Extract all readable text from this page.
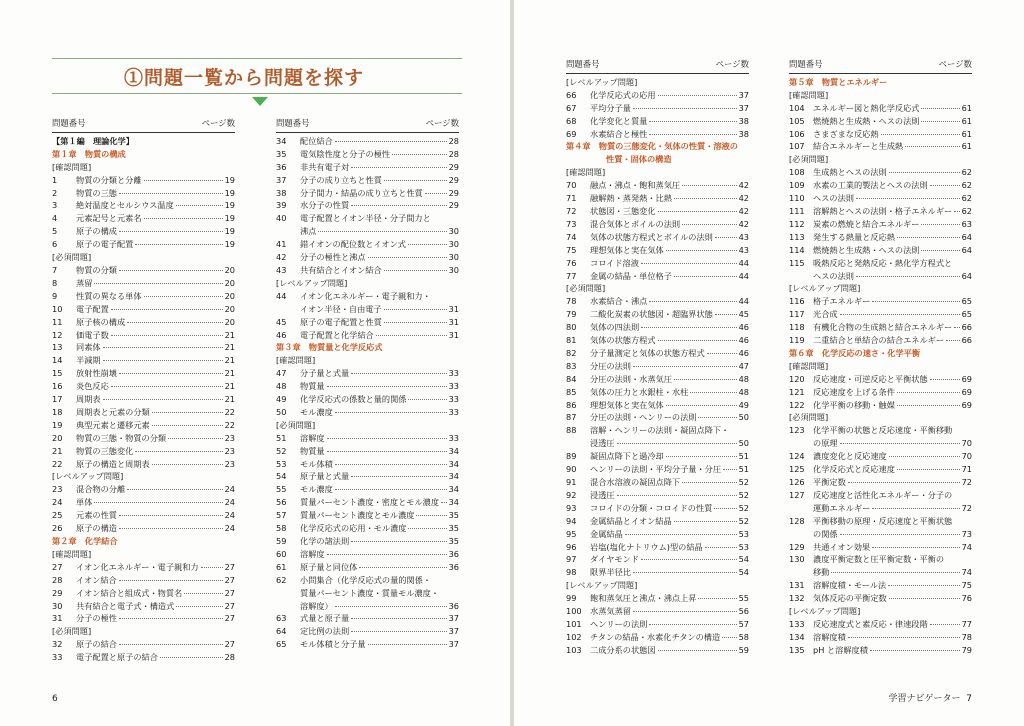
①問題一覧から問題を探す
問題番号	ページ数
【第１編　理論化学】
第１章　物質の構成
[確認問題]
1	物質の分類と分離	19
2	物質の三態	19
3	絶対温度とセルシウス温度	19
4	元素記号と元素名	19
5	原子の構成	19
6	原子の電子配置	19
[必須問題]
7	物質の分類	20
8	蒸留	20
9	性質の異なる単体	20
10	電子配置	20
11	原子核の構成	20
12	価電子数	21
13	同素体	21
14	半減期	21
15	放射性崩壊	21
16	炎色反応	21
17	周期表	21
18	周期表と元素の分類	22
19	典型元素と遷移元素	22
20	物質の三態・物質の分類	23
21	物質の三態変化	23
22	原子の構造と周期表	23
[レベルアップ問題]
23	混合物の分離	24
24	単体	24
25	元素の性質	24
26	原子の構造	24
第２章　化学結合
[確認問題]
27	イオン化エネルギー・電子親和力	27
28	イオン結合	27
29	イオン結合と組成式・物質名	27
30	共有結合と電子式・構造式	27
31	分子の極性	27
[必須問題]
32	原子の結合	27
33	電子配置と原子の結合	28
問題番号	ページ数
34	配位結合	28
35	電気陰性度と分子の極性	28
36	非共有電子対	29
37	分子の成り立ちと性質	29
38	分子間力・結晶の成り立ちと性質	29
39	水分子の性質	29
40	電子配置とイオン半径・分子間力と
沸点	30
41	錯イオンの配位数とイオン式	30
42	分子の極性と沸点	30
43	共有結合とイオン結合	30
[レベルアップ問題]
44	イオン化エネルギー・電子親和力・
イオン半径・自由電子	31
45	原子の電子配置と性質	31
46	電子配置と化学結合	31
第３章　物質量と化学反応式
[確認問題]
47	分子量と式量	33
48	物質量	33
49	化学反応式の係数と量的関係	33
50	モル濃度	33
[必須問題]
51	溶解度	33
52	物質量	34
53	モル体積	34
54	原子量と式量	34
55	モル濃度	34
56	質量パーセント濃度・密度とモル濃度 34
57	質量パーセント濃度とモル濃度	35
58	化学反応式の応用・モル濃度	35
59	化学の諸法則	35
60	溶解度	36
61	原子量と同位体	36
62	小問集合（化学反応式の量的関係・
質量パーセント濃度・質量モル濃度・
溶解度）	36
63	式量と原子量	37
64	定比例の法則	37
65	モル体積と分子量	37
6
問題番号	ページ数
[レベルアップ問題]
66	化学反応式の応用	37
67	平均分子量	37
68	化学変化と質量	38
69	水素結合と極性	38
第４章　物質の三態変化・気体の性質・溶液の
性質・固体の構造
[確認問題]
70	融点・沸点・飽和蒸気圧	42
71	融解熱・蒸発熱・比熱	42
72	状態図・三態変化	42
73	混合気体とボイルの法則	42
74	気体の状態方程式とボイルの法則	43
75	理想気体と実在気体	43
76	コロイド溶液	44
77	金属の結晶・単位格子	44
[必須問題]
78	水素結合・沸点	44
79	二酸化炭素の状態図・超臨界状態	45
80	気体の四法則	46
81	気体の状態方程式	46
82	分子量測定と気体の状態方程式	46
83	分圧の法則	47
84	分圧の法則・水蒸気圧	48
85	気体の圧力と水銀柱・水柱	48
86	理想気体と実在気体	49
87	分圧の法則・ヘンリーの法則	50
88	溶解・ヘンリーの法則・凝固点降下・
浸透圧	50
89	凝固点降下と過冷却	51
90	ヘンリーの法則・平均分子量・分圧 51
91	混合水溶液の凝固点降下	52
92	浸透圧	52
93	コロイドの分類・コロイドの性質	52
94	金属結晶とイオン結晶	52
95	金属結晶	53
96	岩塩(塩化ナトリウム)型の結晶	53
97	ダイヤモンド	54
98	限界半径比	54
[レベルアップ問題]
99	飽和蒸気圧と沸点・沸点上昇	55
100	水蒸気蒸留	56
101	ヘンリーの法則	57
102	チタンの結晶・水素化チタンの構造 58
103	二成分系の状態図	59
問題番号	ページ数
第５章　物質とエネルギー
[確認問題]
104	エネルギー図と熱化学反応式	61
105	燃焼熱と生成熱・ヘスの法則	61
106	さまざまな反応熱	61
107	結合エネルギーと生成熱	61
[必須問題]
108	生成熱とヘスの法則	62
109	水素の工業的製法とヘスの法則	62
110	ヘスの法則	62
111	溶解熱とヘスの法則・格子エネルギー 62
112	炭素の燃焼と結合エネルギー	63
113	発生する熱量と反応熱	64
114	燃焼熱と生成熱・ヘスの法則	64
115	吸熱反応と発熱反応・熱化学方程式と
ヘスの法則	64
[レベルアップ問題]
116	格子エネルギー	65
117	光合成	65
118	有機化合物の生成熱と結合エネルギー 66
119	二重結合と単結合の結合エネルギー 66
第６章　化学反応の速さ・化学平衡
[確認問題]
120	反応速度・可逆反応と平衡状態	69
121	反応速度を上げる条件	69
122	化学平衡の移動・触媒	69
[必須問題]
123	化学平衡の状態と反応速度・平衡移動
の原理	70
124	濃度変化と反応速度	70
125	化学反応式と反応速度	71
126	平衡定数	72
127	反応速度と活性化エネルギー・分子の
運動エネルギー	72
128	平衡移動の原理・反応速度と平衡状態
の関係	73
129	共通イオン効果	74
130	濃度平衡定数と圧平衡定数・平衡の
移動	74
131	溶解度積・モール法	75
132	気体反応の平衡定数	76
[レベルアップ問題]
133	反応速度式と素反応・律速段階	77
134	溶解度積	78
135	pH と溶解度積	79
学習ナビゲーター 7
